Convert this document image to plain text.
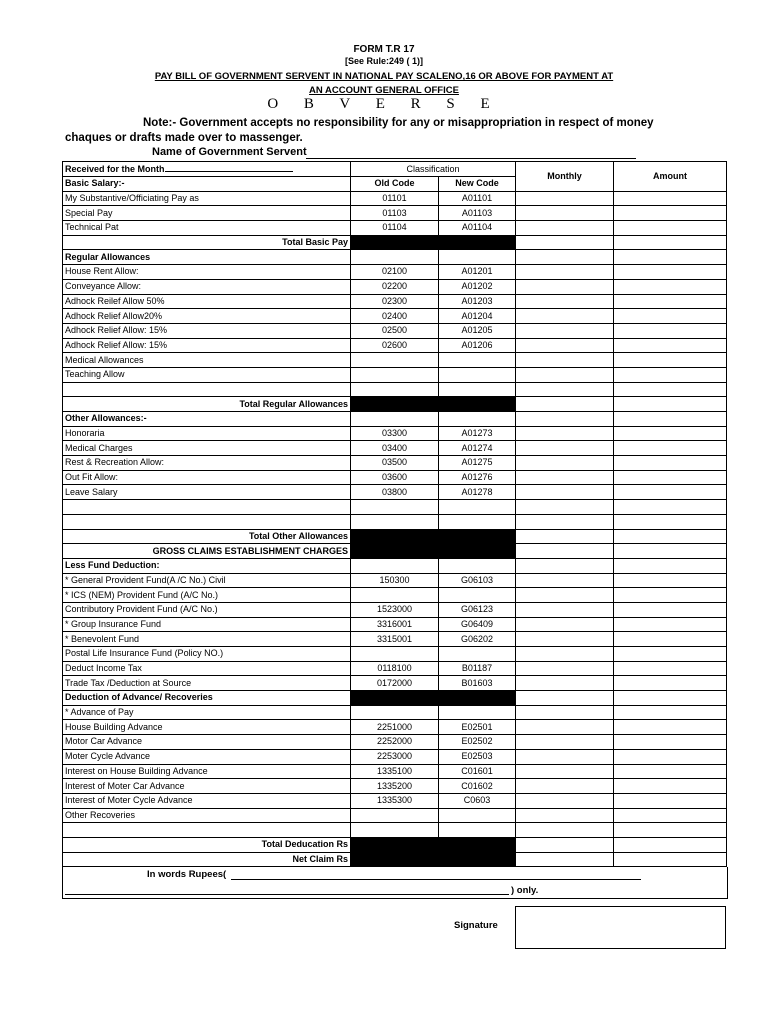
FORM T.R 17
[See Rule:249 ( 1)]
PAY BILL OF GOVERNMENT SERVENT IN NATIONAL PAY SCALENO,16 OR ABOVE FOR PAYMENT AT
AN ACCOUNT GENERAL OFFICE
O B V E R S E
Note:- Government accepts no responsibility for any or misappropriation in respect of money
chaques or drafts made over to massenger.
Name of Government Servent
Received for the Month	Classification		Monthly	Amount
Basic Salary:-	Old Code	New Code		
My Substantive/Officiating Pay as	01101	A01101		
Special Pay	01103	A01103		
Technical Pat	01104	A01104		
Total Basic Pay				
Regular Allowances				
House Rent Allow:	02100	A01201		
Conveyance Allow:	02200	A01202		
Adhock Reilef Allow 50%	02300	A01203		
Adhock Relief Allow20%	02400	A01204		
Adhock Relief Allow: 15%	02500	A01205		
Adhock Relief Allow: 15%	02600	A01206		
Medical Allowances				
Teaching Allow				

Total Regular Allowances				
Other Allowances:-				
Honoraria	03300	A01273		
Medical Charges	03400	A01274		
Rest & Recreation Allow:	03500	A01275		
Out Fit Allow:	03600	A01276		
Leave Salary	03800	A01278		

Total Other Allowances				
GROSS CLAIMS ESTABLISHMENT CHARGES				
Less Fund Deduction:				
* General Provident Fund(A /C No.) Civil	150300	G06103		
* ICS (NEM) Provident Fund (A/C No.)				
Contributory Provident Fund (A/C No.)	1523000	G06123		
* Group Insurance Fund	3316001	G06409		
* Benevolent Fund	3315001	G06202		
Postal Life Insurance Fund (Policy NO.)				
Deduct Income Tax	0118100	B01187		
Trade Tax /Deduction at Source	0172000	B01603		
Deduction of Advance/ Recoveries				
* Advance of Pay				
House Building Advance	2251000	E02501		
Motor Car Advance	2252000	E02502		
Moter Cycle Advance	2253000	E02503		
Interest on House Building Advance	1335100	C01601		
Interest of Moter Car Advance	1335200	C01602		
Interest of Moter Cycle Advance	1335300	C0603		
Other Recoveries				

Total Deducation Rs				
Net Claim Rs				
In words Rupees(
) only.
Signature
